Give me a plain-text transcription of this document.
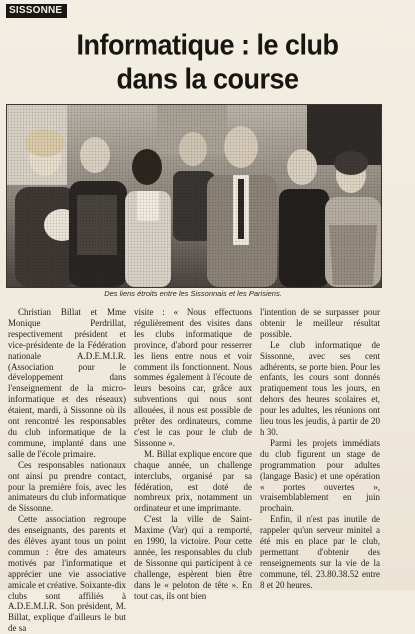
SISSONNE
Informatique : le club
dans la course
Des liens étroits entre les Sissonnais et les Parisiens.

Christian Billat et Mme Monique Perdrillat, respectivement président et vice-présidente de la Fédération nationale A.D.E.M.I.R. (Association pour le développement dans l'enseignement de la micro-informatique et des réseaux) étaient, mardi, à Sissonne où ils ont rencontré les responsables du club informatique de la commune, implanté dans une salle de l'école primaire.

Ces responsables nationaux ont ainsi pu prendre contact, pour la première fois, avec les animateurs du club informatique de Sissonne.

Cette association regroupe des enseignants, des parents et des élèves ayant tous un point commun : être des amateurs motivés par l'informatique et apprécier une vie associative amicale et créative. Soixante-dix clubs sont affiliés à A.D.E.M.I.R. Son président, M. Billat, explique d'ailleurs le but de sa

visite : « Nous effectuons régulièrement des visites dans les clubs informatique de province, d'abord pour resserrer les liens entre nous et voir comment ils fonctionnent. Nous sommes également à l'écoute de leurs besoins car, grâce aux subventions qui nous sont allouées, il nous est possible de prêter des ordinateurs, comme c'est le cas pour le club de Sissonne ».

M. Billat explique encore que chaque année, un challenge interclubs, organisé par sa fédération, est doté de nombreux prix, notamment un ordinateur et une imprimante.

C'est la ville de Saint-Maxime (Var) qui a remporté, en 1990, la victoire. Pour cette année, les responsables du club de Sissonne qui participent à ce challenge, espèrent bien être dans le « peloton de tête ». En tout cas, ils ont bien

l'intention de se surpasser pour obtenir le meilleur résultat possible.

Le club informatique de Sissonne, avec ses cent adhérents, se porte bien. Pour les enfants, les cours sont donnés pratiquement tous les jours, en dehors des heures scolaires et, pour les adultes, les réunions ont lieu tous les jeudis, à partir de 20 h 30.

Parmi les projets immédiats du club figurent un stage de programmation pour adultes (langage Basic) et une opération « portes ouvertes », vraisemblablement en juin prochain.

Enfin, il n'est pas inutile de rappeler qu'un serveur minitel a été mis en place par le club, permettant d'obtenir des renseignements sur la vie de la commune, tél. 23.80.38.52 entre 8 et 20 heures.
